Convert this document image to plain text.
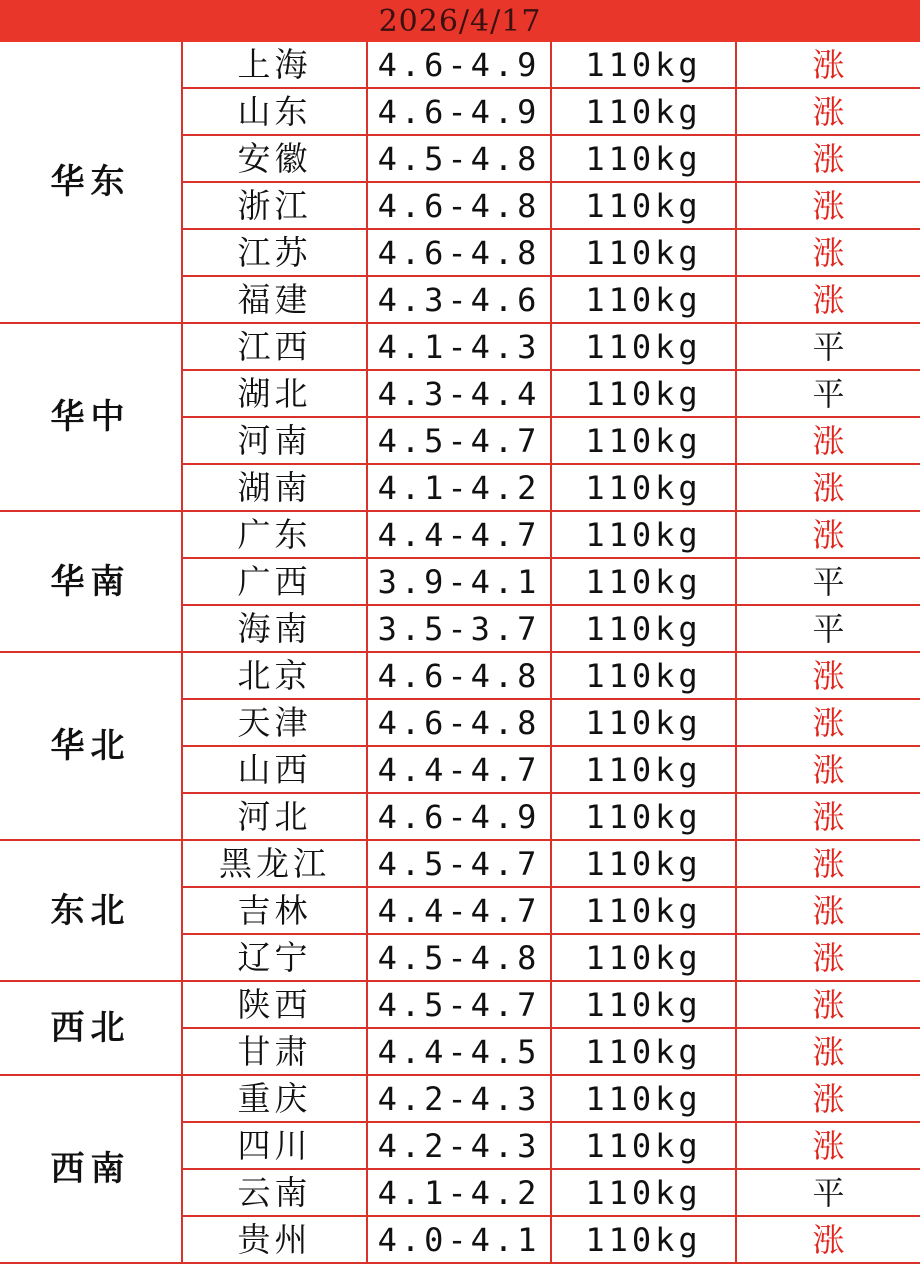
2026/4/17
华东	上海	4.6-4.9	110kg	涨
	山东	4.6-4.9	110kg	涨
	安徽	4.5-4.8	110kg	涨
	浙江	4.6-4.8	110kg	涨
	江苏	4.6-4.8	110kg	涨
	福建	4.3-4.6	110kg	涨
华中	江西	4.1-4.3	110kg	平
	湖北	4.3-4.4	110kg	平
	河南	4.5-4.7	110kg	涨
	湖南	4.1-4.2	110kg	涨
华南	广东	4.4-4.7	110kg	涨
	广西	3.9-4.1	110kg	平
	海南	3.5-3.7	110kg	平
华北	北京	4.6-4.8	110kg	涨
	天津	4.6-4.8	110kg	涨
	山西	4.4-4.7	110kg	涨
	河北	4.6-4.9	110kg	涨
东北	黑龙江	4.5-4.7	110kg	涨
	吉林	4.4-4.7	110kg	涨
	辽宁	4.5-4.8	110kg	涨
西北	陕西	4.5-4.7	110kg	涨
	甘肃	4.4-4.5	110kg	涨
西南	重庆	4.2-4.3	110kg	涨
	四川	4.2-4.3	110kg	涨
	云南	4.1-4.2	110kg	平
	贵州	4.0-4.1	110kg	涨
